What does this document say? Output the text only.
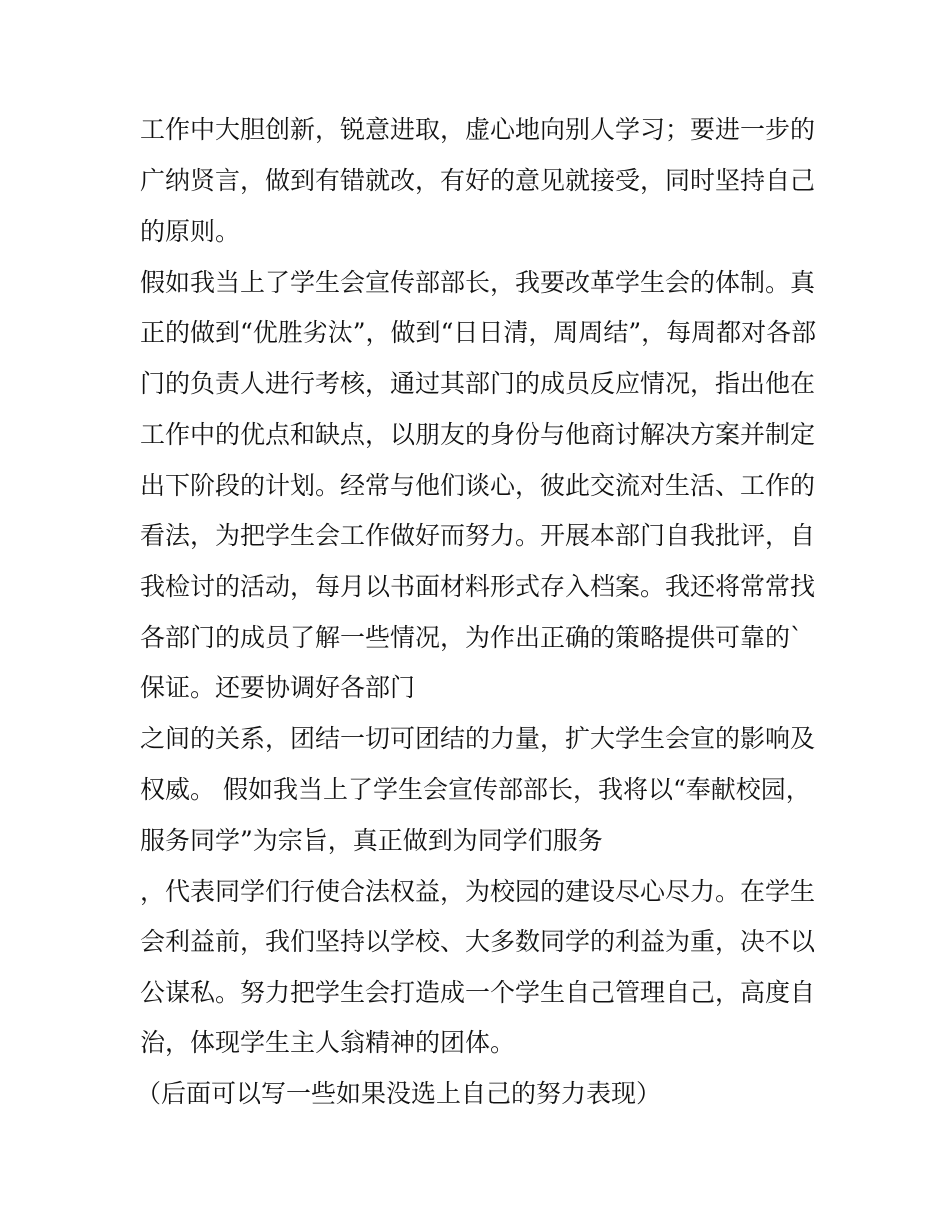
工作中大胆创新，锐意进取，虚心地向别人学习；要进一步的
广纳贤言，做到有错就改，有好的意见就接受，同时坚持自己
的原则。
假如我当上了学生会宣传部部长，我要改革学生会的体制。真
正的做到“优胜劣汰”，做到“日日清，周周结”，每周都对各部
门的负责人进行考核，通过其部门的成员反应情况，指出他在
工作中的优点和缺点，以朋友的身份与他商讨解决方案并制定
出下阶段的计划。经常与他们谈心，彼此交流对生活、工作的
看法，为把学生会工作做好而努力。开展本部门自我批评，自
我检讨的活动，每月以书面材料形式存入档案。我还将常常找
各部门的成员了解一些情况，为作出正确的策略提供可靠的`
保证。还要协调好各部门
之间的关系，团结一切可团结的力量，扩大学生会宣的影响及
权威。 假如我当上了学生会宣传部部长，我将以“奉献校园，
服务同学”为宗旨，真正做到为同学们服务
，代表同学们行使合法权益，为校园的建设尽心尽力。在学生
会利益前，我们坚持以学校、大多数同学的利益为重，决不以
公谋私。努力把学生会打造成一个学生自己管理自己，高度自
治，体现学生主人翁精神的团体。
（后面可以写一些如果没选上自己的努力表现）
